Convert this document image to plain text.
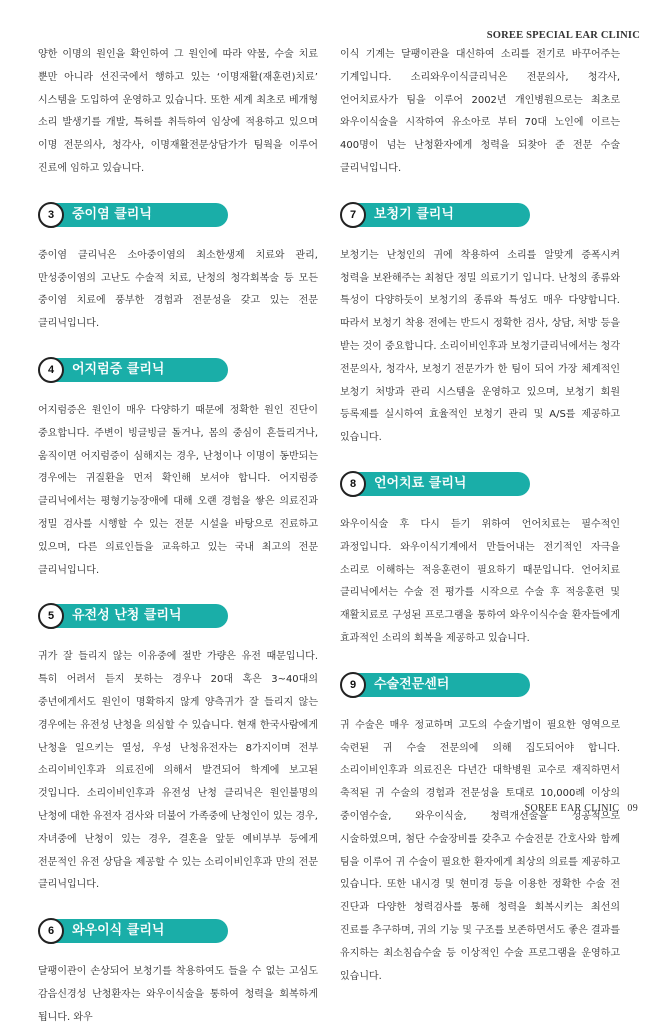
SOREE SPECIAL EAR CLINIC

양한 이명의 원인을 확인하여 그 원인에 따라 약물, 수술 치료 뿐만 아니라 선진국에서 행하고 있는 ‘이명재활(재훈련)치료’ 시스템을 도입하여 운영하고 있습니다. 또한 세계 최초로 베개형 소리 발생기를 개발, 특허를 취득하여 임상에 적용하고 있으며 이명 전문의사, 청각사, 이명재활전문상담가가 팀웍을 이루어 진료에 임하고 있습니다.

3	중이염 클리닉

중이염 클리닉은 소아중이염의 최소한생제 치료와 관리, 만성중이염의 고난도 수술적 치료, 난청의 청각회복술 등 모든 중이염 치료에 풍부한 경험과 전문성을 갖고 있는 전문 클리닉입니다.

4	어지럼증 클리닉

어지럼증은 원인이 매우 다양하기 때문에 정확한 원인 진단이 중요합니다. 주변이 빙글빙글 돌거나, 몸의 중심이 흔들리거나, 움직이면 어지럼증이 심해지는 경우, 난청이나 이명이 동반되는 경우에는 귀질환을 먼저 확인해 보셔야 합니다. 어지럼증 클리닉에서는 평형기능장애에 대해 오랜 경험을 쌓은 의료진과 정밀 검사를 시행할 수 있는 전문 시설을 바탕으로 진료하고 있으며, 다른 의료인들을 교육하고 있는 국내 최고의 전문 클리닉입니다.

5	유전성 난청 클리닉

귀가 잘 들리지 않는 이유중에 절반 가량은 유전 때문입니다. 특히 어려서 듣지 못하는 경우나 20대 혹은 3~40대의 중년에게서도 원인이 명확하지 않게 양측귀가 잘 들리지 않는 경우에는 유전성 난청을 의심할 수 있습니다. 현재 한국사람에게 난청을 일으키는 열성, 우성 난청유전자는 8가지이며 전부 소리이비인후과 의료진에 의해서 발견되어 학계에 보고된 것입니다. 소리이비인후과 유전성 난청 클리닉은 원인불명의 난청에 대한 유전자 검사와 더불어 가족중에 난청인이 있는 경우, 자녀중에 난청이 있는 경우, 결혼을 앞둔 예비부부 등에게 전문적인 유전 상담을 제공할 수 있는 소리이비인후과 만의 전문 클리닉입니다.

6	와우이식 클리닉

달팽이관이 손상되어 보청기를 착용하여도 들을 수 없는 고심도 감음신경성 난청환자는 와우이식술을 통하여 청력을 회복하게 됩니다. 와우

이식 기계는 달팽이관을 대신하여 소리를 전기로 바꾸어주는 기계입니다. 소리와우이식클리닉은 전문의사, 청각사, 언어치료사가 팀을 이루어 2002년 개인병원으로는 최초로 와우이식술을 시작하여 유소아로 부터 70대 노인에 이르는 400명이 넘는 난청환자에게 청력을 되찾아 준 전문 수술 클리닉입니다.

7	보청기 클리닉

보청기는 난청인의 귀에 착용하여 소리를 알맞게 증폭시켜 청력을 보완해주는 최첨단 정밀 의료기기 입니다. 난청의 종류와 특성이 다양하듯이 보청기의 종류와 특성도 매우 다양합니다. 따라서 보청기 착용 전에는 반드시 정확한 검사, 상담, 처방 등을 받는 것이 중요합니다. 소리이비인후과 보청기클리닉에서는 청각 전문의사, 청각사, 보청기 전문가가 한 팀이 되어 가장 체계적인 보청기 처방과 관리 시스템을 운영하고 있으며, 보청기 회원 등록제를 실시하여 효율적인 보청기 관리 및 A/S를 제공하고 있습니다.

8	언어치료 클리닉

와우이식술 후 다시 듣기 위하여 언어치료는 필수적인 과정입니다. 와우이식기계에서 만들어내는 전기적인 자극을 소리로 이해하는 적응훈련이 필요하기 때문입니다. 언어치료 클리닉에서는 수술 전 평가를 시작으로 수술 후 적응훈련 및 재활치료로 구성된 프로그램을 통하여 와우이식수술 환자들에게 효과적인 소리의 회복을 제공하고 있습니다.

9	수술전문센터

귀 수술은 매우 정교하며 고도의 수술기법이 필요한 영역으로 숙련된 귀 수술 전문의에 의해 집도되어야 합니다. 소리이비인후과 의료진은 다년간 대학병원 교수로 재직하면서 축적된 귀 수술의 경험과 전문성을 토대로 10,000례 이상의 중이염수술, 와우이식술, 청력개선술을 성공적으로 시술하였으며, 첨단 수술장비를 갖추고 수술전문 간호사와 함께 팀을 이루어 귀 수술이 필요한 환자에게 최상의 의료를 제공하고 있습니다. 또한 내시경 및 현미경 등을 이용한 정확한 수술 전 진단과 다양한 청력검사를 통해 청력을 회복시키는 최선의 진료를 추구하며, 귀의 기능 및 구조를 보존하면서도 좋은 결과를 유지하는 최소침습수술 등 이상적인 수술 프로그램을 운영하고 있습니다.

SOREE EAR CLINIC 09
